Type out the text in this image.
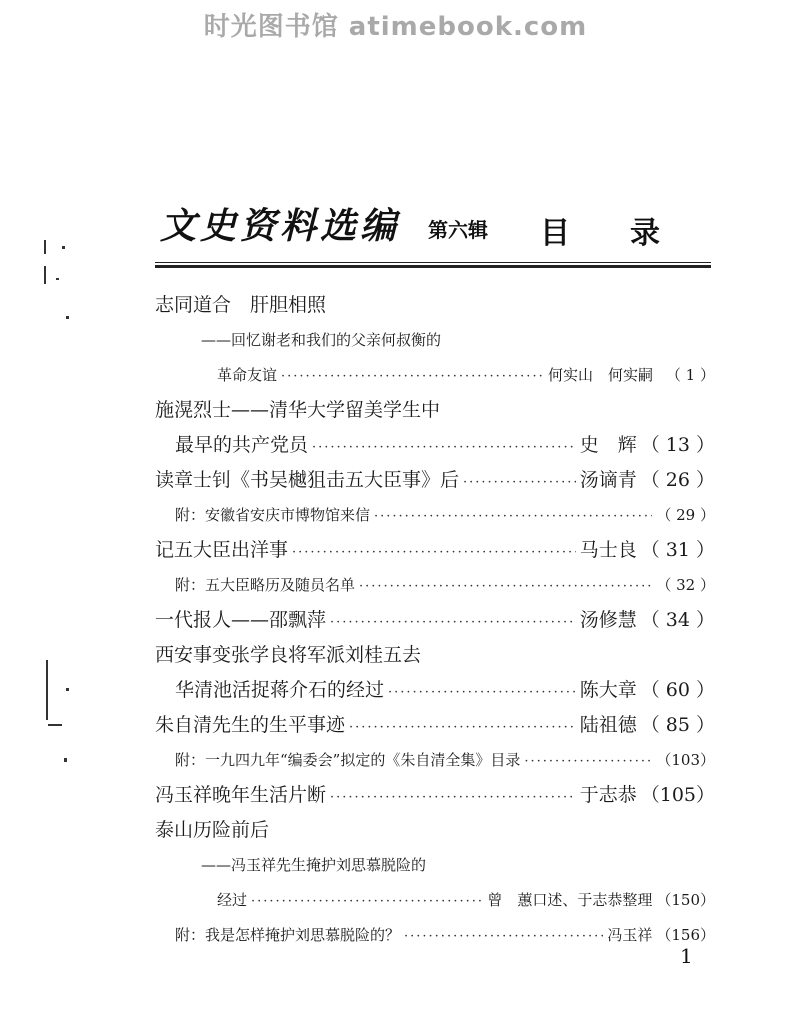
时光图书馆 atimebook.com
文史资料选编 第六辑 目录
志同道合　肝胆相照
——回忆谢老和我们的父亲何叔衡的
革命友谊 ·····	何实山　何实嗣 （ 1 ）
施滉烈士——清华大学留美学生中
最早的共产党员 ·····	史　辉 （ 13 ）
读章士钊《书吴樾狙击五大臣事》后 ·····	汤谪青 （ 26 ）
附：安徽省安庆市博物馆来信 ·····	（ 29 ）
记五大臣出洋事 ·····	马士良 （ 31 ）
附：五大臣略历及随员名单 ·····	（ 32 ）
一代报人——邵飘萍 ·····	汤修慧 （ 34 ）
西安事变张学良将军派刘桂五去
华清池活捉蒋介石的经过 ·····	陈大章 （ 60 ）
朱自清先生的生平事迹 ·····	陆祖德 （ 85 ）
附：一九四九年“编委会”拟定的《朱自清全集》目录 ·····	（103）
冯玉祥晚年生活片断 ·····	于志恭 （105）
泰山历险前后
——冯玉祥先生掩护刘思慕脱险的
经过 ·····	曾　蕙口述、于志恭整理 （150）
附：我是怎样掩护刘思慕脱险的？ ·····	冯玉祥 （156）
1
